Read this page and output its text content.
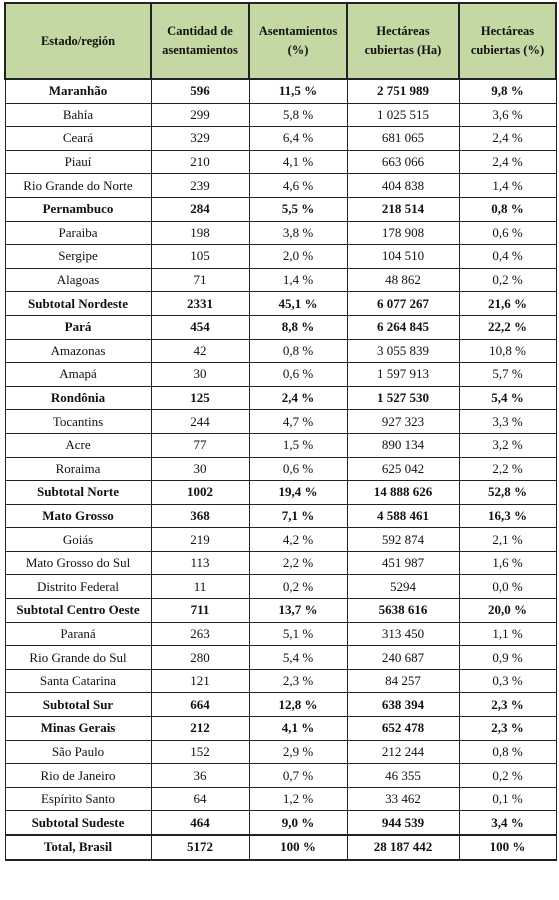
Estado/región	Cantidad de asentamientos	Asentamientos (%)	Hectáreas cubiertas (Ha)	Hectáreas cubiertas (%)
Maranhão	596	11,5 %	2 751 989	9,8 %
Bahía	299	5,8 %	1 025 515	3,6 %
Ceará	329	6,4 %	681 065	2,4 %
Piauí	210	4,1 %	663 066	2,4 %
Rio Grande do Norte	239	4,6 %	404 838	1,4 %
Pernambuco	284	5,5 %	218 514	0,8 %
Paraiba	198	3,8 %	178 908	0,6 %
Sergipe	105	2,0 %	104 510	0,4 %
Alagoas	71	1,4 %	48 862	0,2 %
Subtotal Nordeste	2331	45,1 %	6 077 267	21,6 %
Pará	454	8,8 %	6 264 845	22,2 %
Amazonas	42	0,8 %	3 055 839	10,8 %
Amapá	30	0,6 %	1 597 913	5,7 %
Rondônia	125	2,4 %	1 527 530	5,4 %
Tocantins	244	4,7 %	927 323	3,3 %
Acre	77	1,5 %	890 134	3,2 %
Roraima	30	0,6 %	625 042	2,2 %
Subtotal Norte	1002	19,4 %	14 888 626	52,8 %
Mato Grosso	368	7,1 %	4 588 461	16,3 %
Goiás	219	4,2 %	592 874	2,1 %
Mato Grosso do Sul	113	2,2 %	451 987	1,6 %
Distrito Federal	11	0,2 %	5294	0,0 %
Subtotal Centro Oeste	711	13,7 %	5638 616	20,0 %
Paraná	263	5,1 %	313 450	1,1 %
Rio Grande do Sul	280	5,4 %	240 687	0,9 %
Santa Catarina	121	2,3 %	84 257	0,3 %
Subtotal Sur	664	12,8 %	638 394	2,3 %
Minas Gerais	212	4,1 %	652 478	2,3 %
São Paulo	152	2,9 %	212 244	0,8 %
Rio de Janeiro	36	0,7 %	46 355	0,2 %
Espírito Santo	64	1,2 %	33 462	0,1 %
Subtotal Sudeste	464	9,0 %	944 539	3,4 %
Total, Brasil	5172	100 %	28 187 442	100 %
